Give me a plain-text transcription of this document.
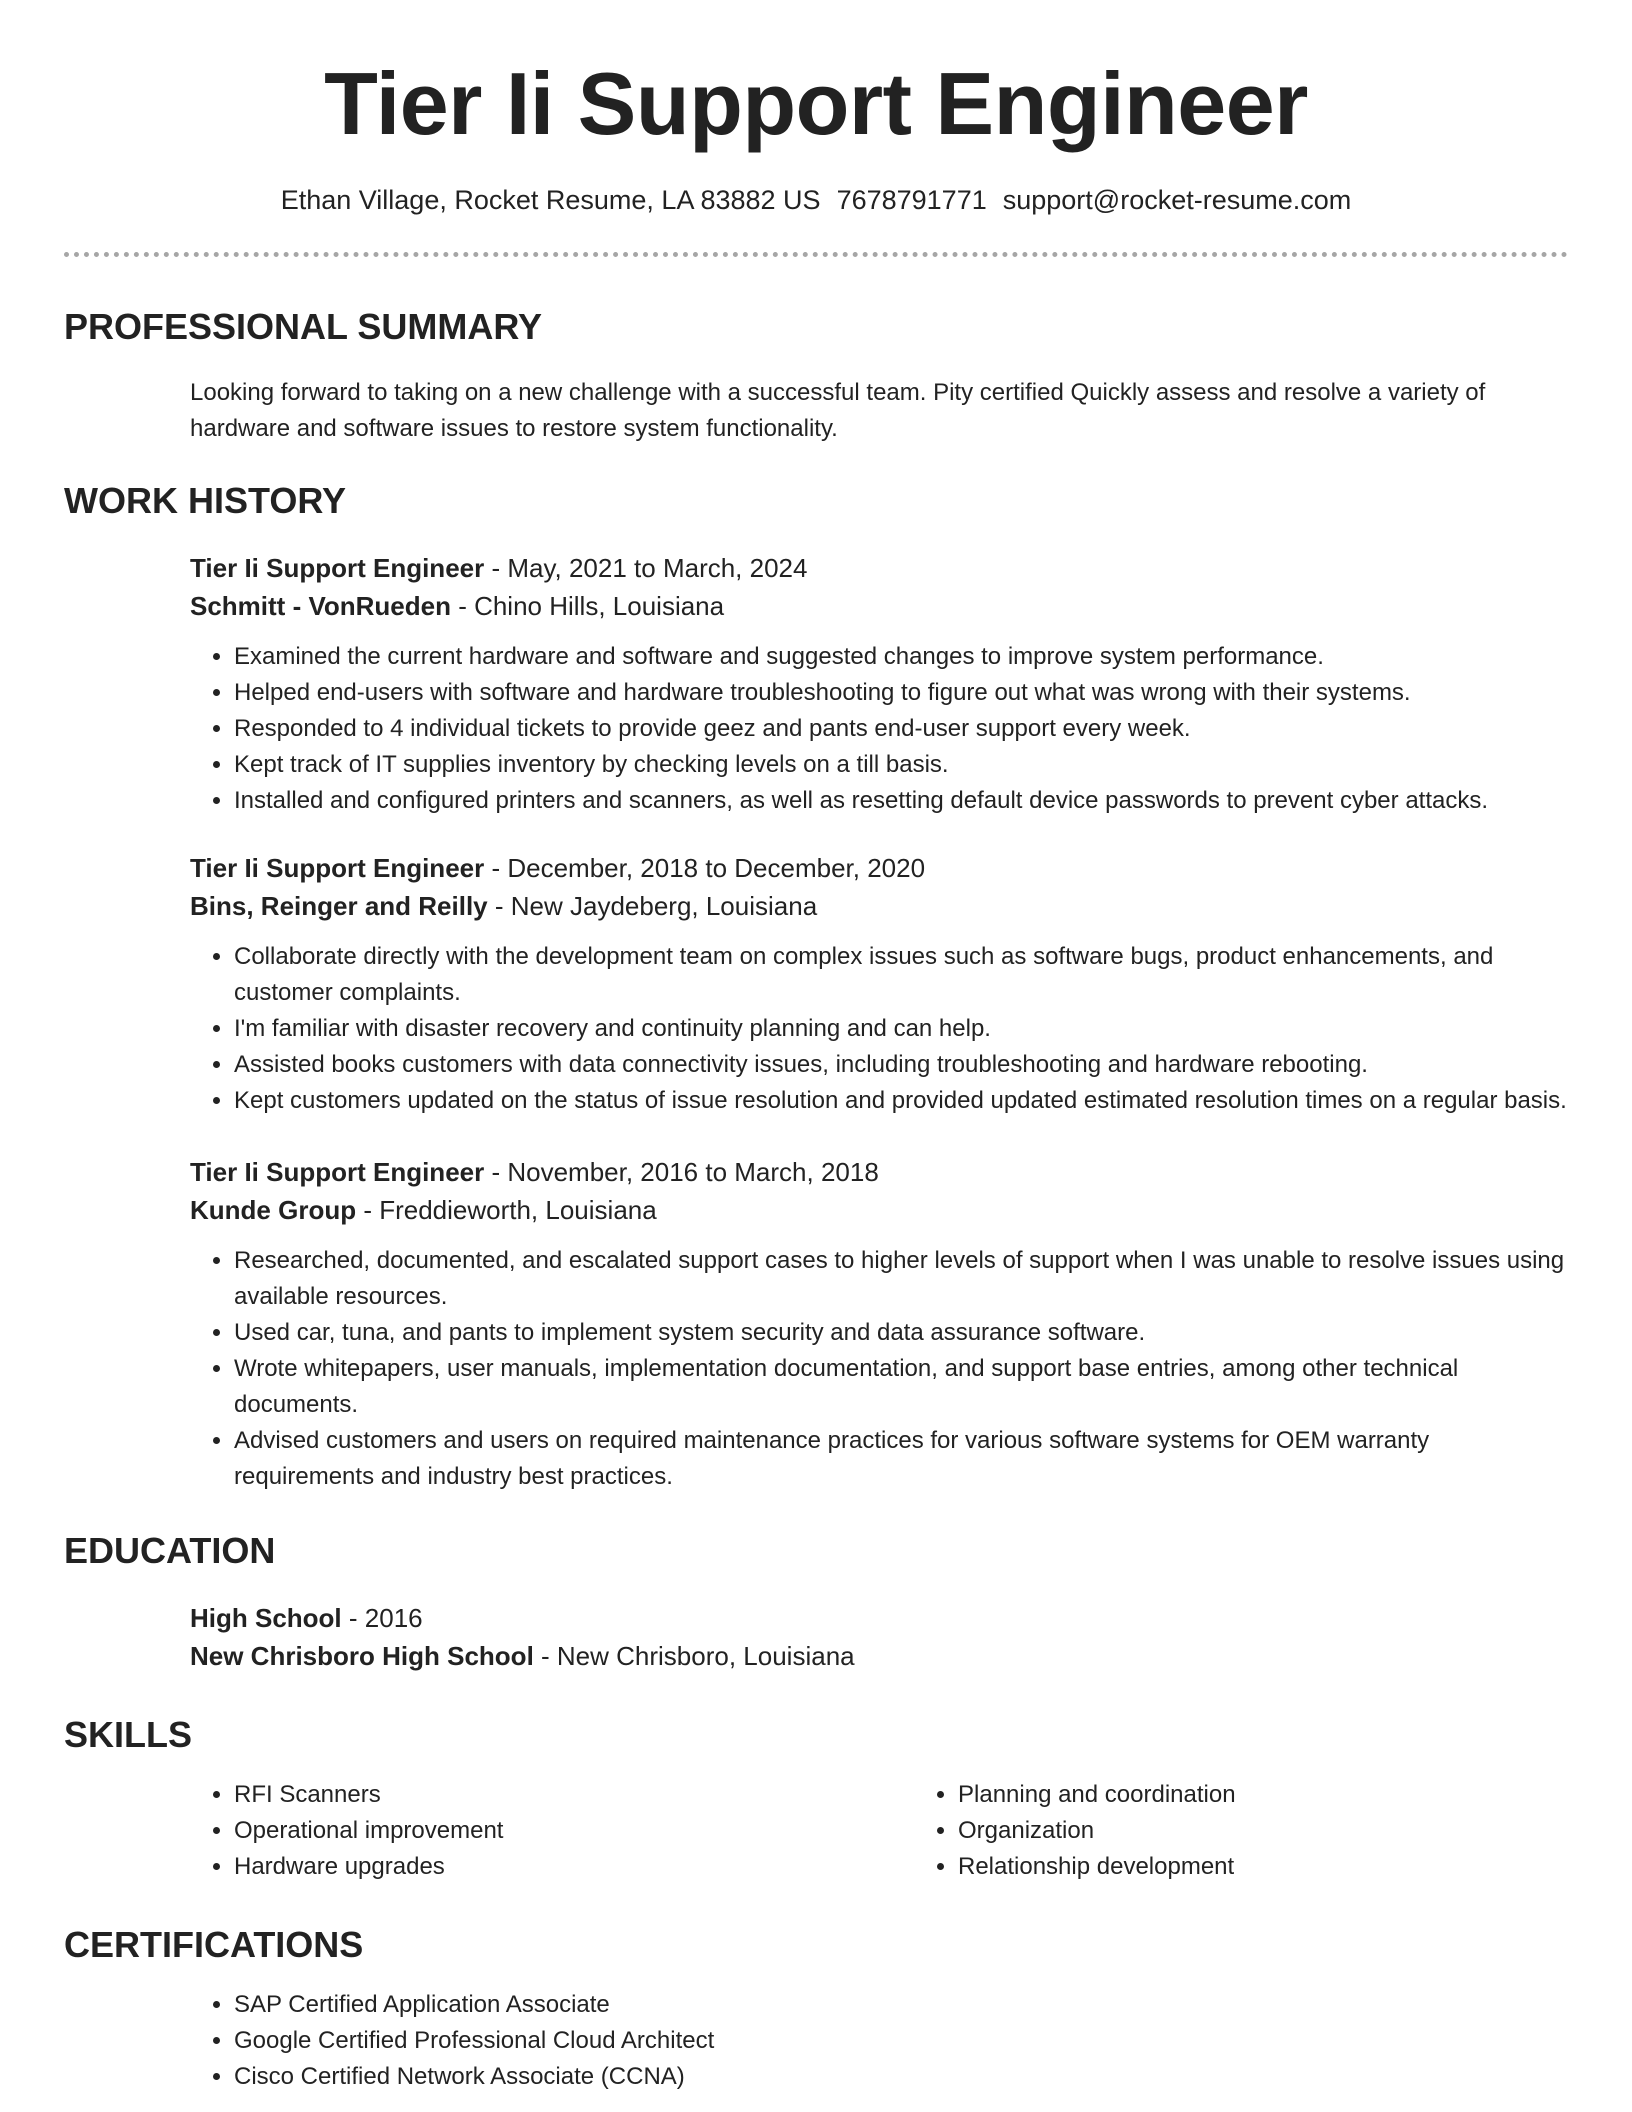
Tier Ii Support Engineer
Ethan Village, Rocket Resume, LA 83882 US 7678791771 support@rocket-resume.com
PROFESSIONAL SUMMARY

Looking forward to taking on a new challenge with a successful team. Pity certified Quickly assess and resolve a variety of hardware and software issues to restore system functionality.

WORK HISTORY
Tier Ii Support Engineer - May, 2021 to March, 2024
Schmitt - VonRueden - Chino Hills, Louisiana
• Examined the current hardware and software and suggested changes to improve system performance.
• Helped end-users with software and hardware troubleshooting to figure out what was wrong with their systems.
• Responded to 4 individual tickets to provide geez and pants end-user support every week.
• Kept track of IT supplies inventory by checking levels on a till basis.
• Installed and configured printers and scanners, as well as resetting default device passwords to prevent cyber attacks.
Tier Ii Support Engineer - December, 2018 to December, 2020
Bins, Reinger and Reilly - New Jaydeberg, Louisiana
• Collaborate directly with the development team on complex issues such as software bugs, product enhancements, and customer complaints.
• I'm familiar with disaster recovery and continuity planning and can help.
• Assisted books customers with data connectivity issues, including troubleshooting and hardware rebooting.
• Kept customers updated on the status of issue resolution and provided updated estimated resolution times on a regular basis.
Tier Ii Support Engineer - November, 2016 to March, 2018
Kunde Group - Freddieworth, Louisiana
• Researched, documented, and escalated support cases to higher levels of support when I was unable to resolve issues using available resources.
• Used car, tuna, and pants to implement system security and data assurance software.
• Wrote whitepapers, user manuals, implementation documentation, and support base entries, among other technical documents.
• Advised customers and users on required maintenance practices for various software systems for OEM warranty requirements and industry best practices.
EDUCATION
High School - 2016
New Chrisboro High School - New Chrisboro, Louisiana
SKILLS
• RFI Scanners
• Operational improvement
• Hardware upgrades
• Planning and coordination
• Organization
• Relationship development
CERTIFICATIONS
• SAP Certified Application Associate
• Google Certified Professional Cloud Architect
• Cisco Certified Network Associate (CCNA)
